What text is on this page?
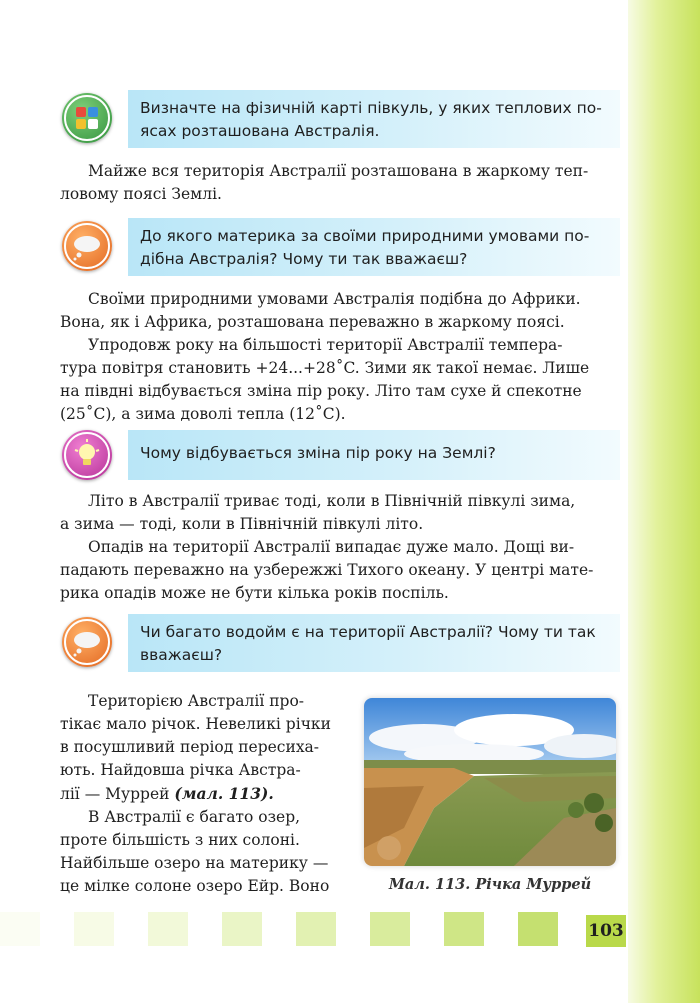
Визначте на фізичній карті півкуль, у яких теплових по-
ясах розташована Австралія.

Майже вся територія Австралії розташована в жаркому теп-
ловому поясі Землі.

До якого материка за своїми природними умовами по-
дібна Австралія? Чому ти так вважаєш?

Своїми природними умовами Австралія подібна до Африки.
Вона, як і Африка, розташована переважно в жаркому поясі.

Упродовж року на більшості території Австралії темпера-
тура повітря становить +24...+28˚C. Зими як такої немає. Лише
на півдні відбувається зміна пір року. Літо там сухе й спекотне
(25˚C), а зима доволі тепла (12˚C).

Чому відбувається зміна пір року на Землі?

Літо в Австралії триває тоді, коли в Північній півкулі зима,
а зима — тоді, коли в Північній півкулі літо.

Опадів на території Австралії випадає дуже мало. Дощі ви-
падають переважно на узбережжі Тихого океану. У центрі мате-
рика опадів може не бути кілька років поспіль.

Чи багато водойм є на території Австралії? Чому ти так
вважаєш?

Територією Австралії про-
тікає мало річок. Невеликі річки
в посушливий період пересиха-
ють. Найдовша річка Австра-
лії — Муррей (мал. 113).

В Австралії є багато озер,
проте більшість з них солоні.
Найбільше озеро на материку —
це мілке солоне озеро Ейр. Воно	Мал. 113. Річка Муррей
103
